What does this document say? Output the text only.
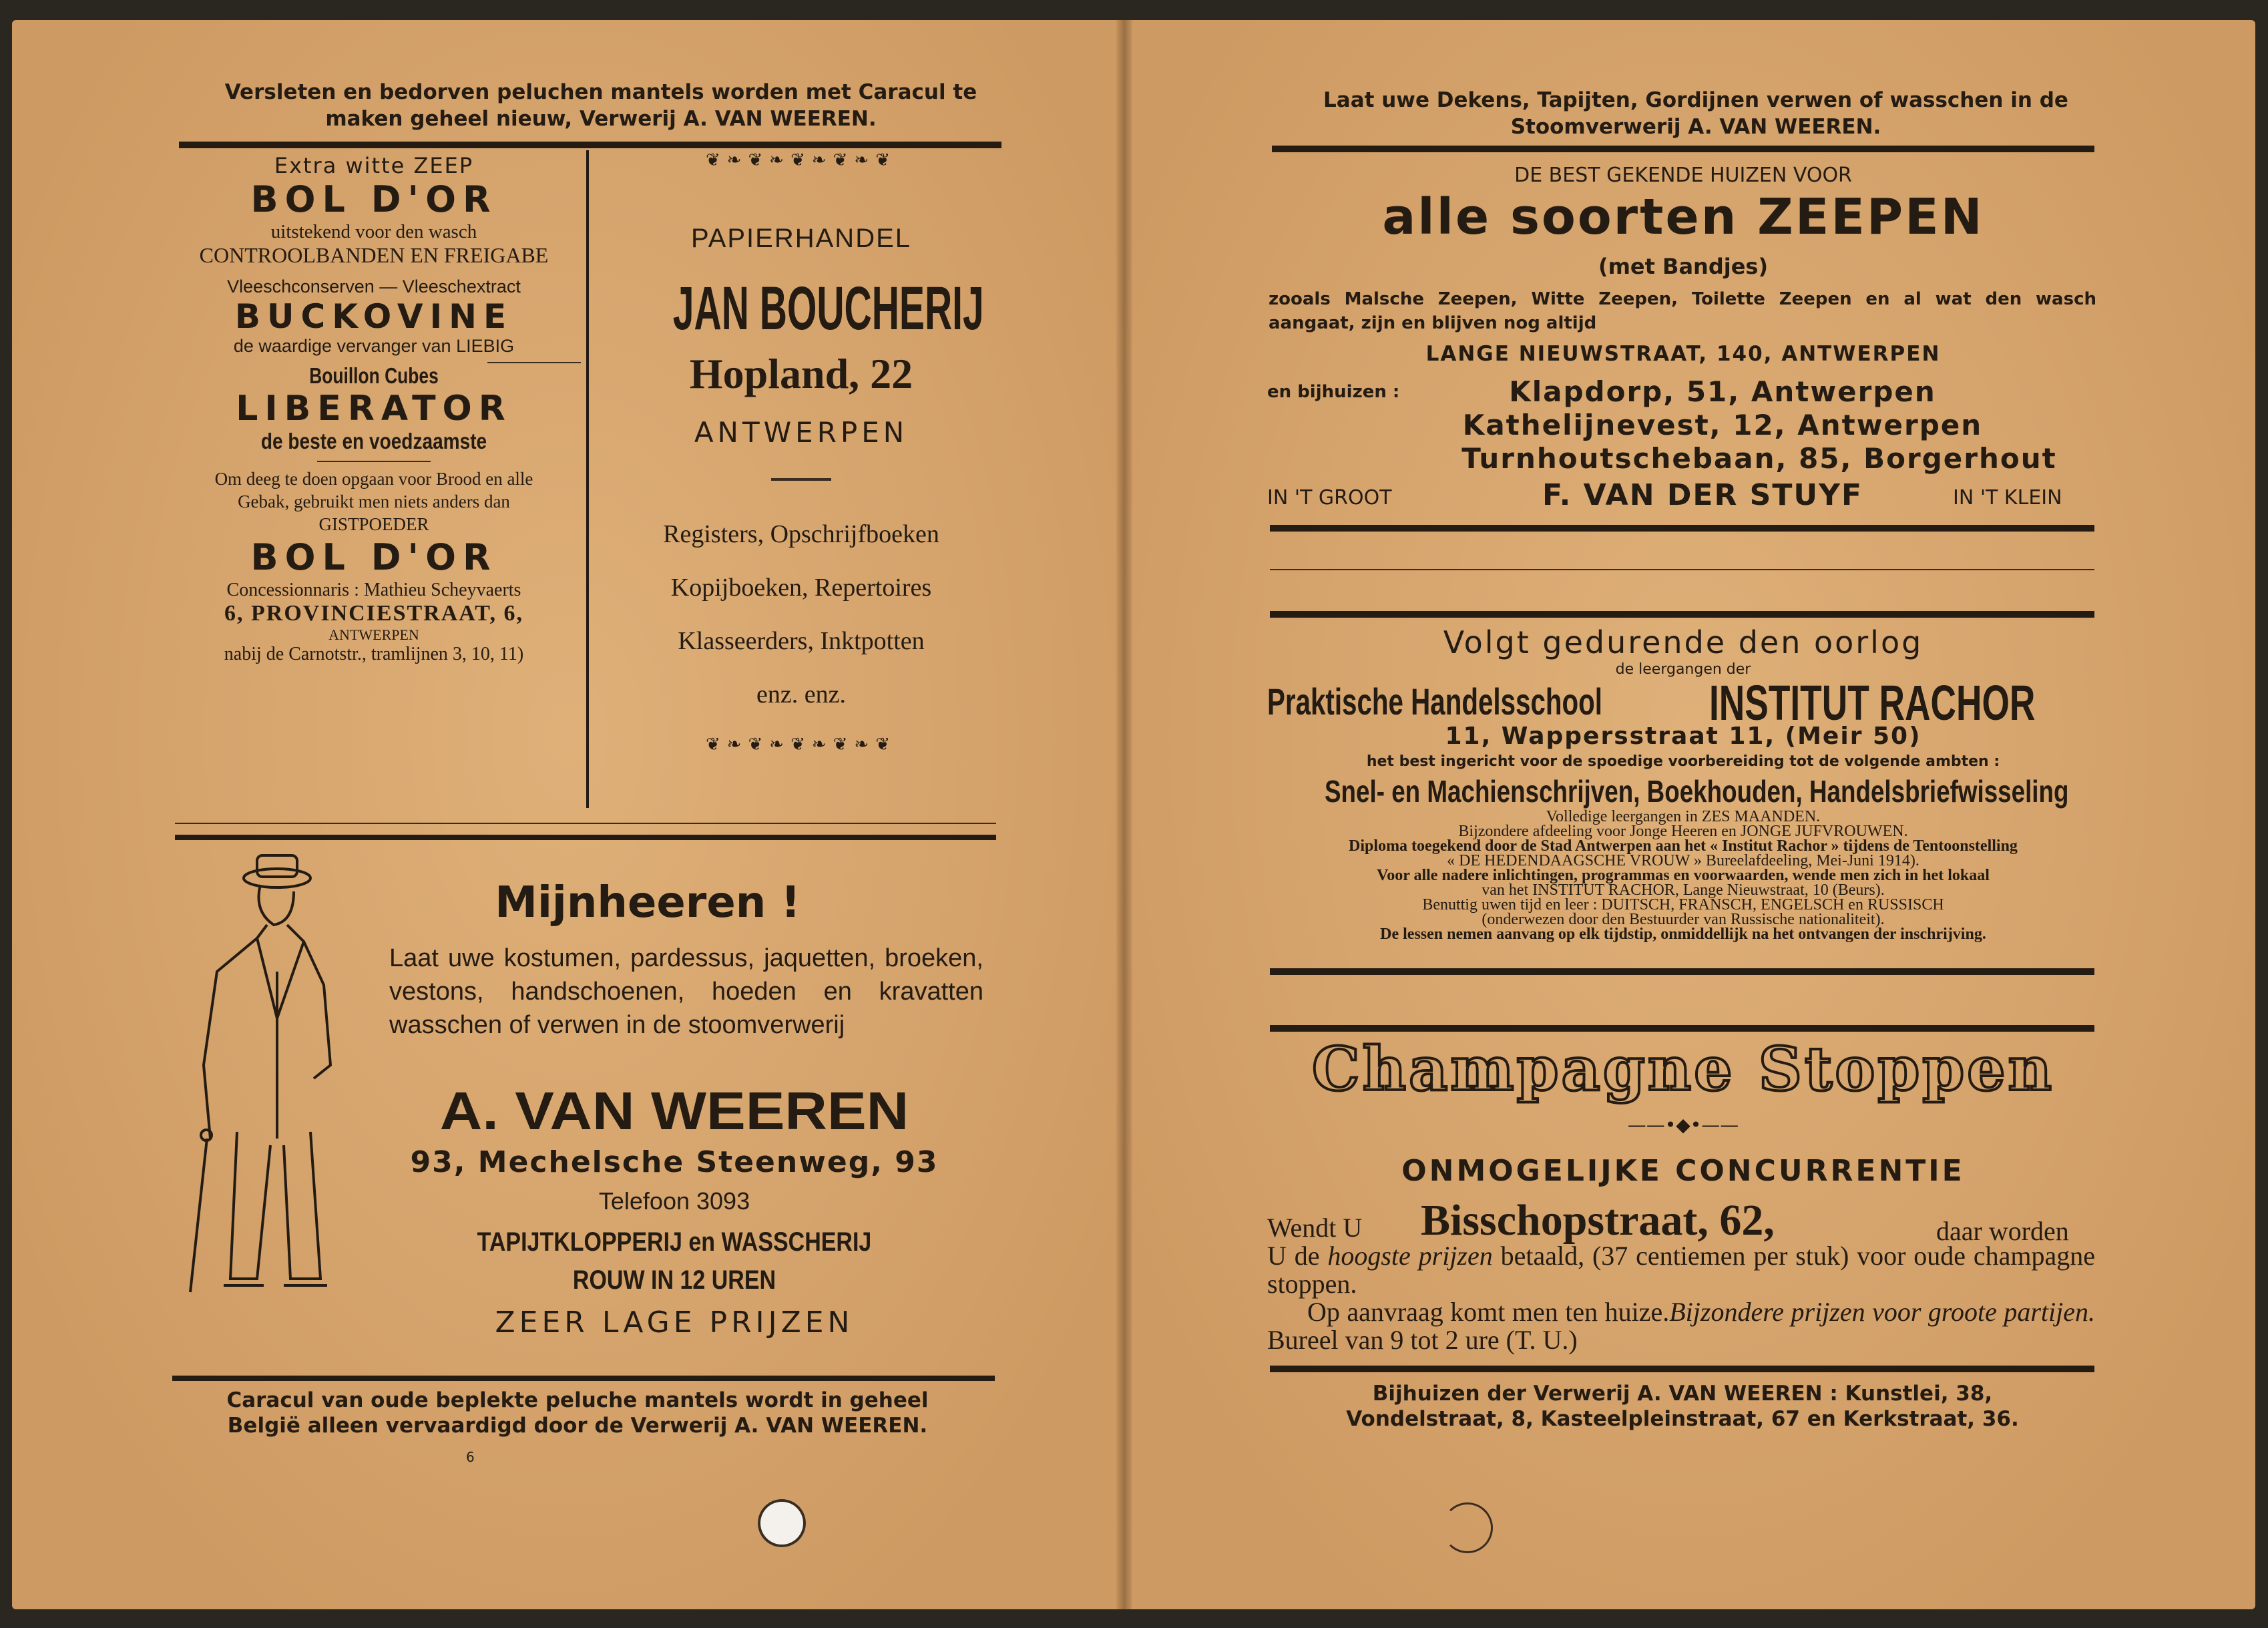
Versleten en bedorven peluchen mantels worden met Caracul te maken geheel nieuw, Verwerij A. VAN WEEREN.
Extra witte ZEEP
BOL D'OR
uitstekend voor den wasch
CONTROOLBANDEN EN FREIGABE
Vleeschconserven — Vleeschextract
BUCKOVINE
de waardige vervanger van LIEBIG
Bouillon Cubes
LIBERATOR
de beste en voedzaamste
Om deeg te doen opgaan voor Brood en alle Gebak, gebruikt men niets anders dan GISTPOEDER
BOL D'OR
Concessionnaris : Mathieu Scheyvaerts
6, PROVINCIESTRAAT, 6,
ANTWERPEN
nabij de Carnotstr., tramlijnen 3, 10, 11)
❦❧❦❧❦❧❦❧❦
PAPIERHANDEL
JAN BOUCHERIJ
Hopland, 22
ANTWERPEN
Registers, Opschrijfboeken
Kopijboeken, Repertoires
Klasseerders, Inktpotten
enz. enz.
❦❧❦❧❦❧❦❧❦
Mijnheeren !
Laat uwe kostumen, pardessus, jaquetten, broeken, vestons, handschoenen, hoeden en kravatten wasschen of verwen in de stoomverwerij
A. VAN WEEREN
93, Mechelsche Steenweg, 93
Telefoon 3093
TAPIJTKLOPPERIJ en WASSCHERIJ
ROUW IN 12 UREN
ZEER LAGE PRIJZEN
Caracul van oude beplekte peluche mantels wordt in geheel België alleen vervaardigd door de Verwerij A. VAN WEEREN.
6
Laat uwe Dekens, Tapijten, Gordijnen verwen of wasschen in de Stoomverwerij A. VAN WEEREN.
DE BEST GEKENDE HUIZEN VOOR
alle soorten ZEEPEN
(met Bandjes)
zooals Malsche Zeepen, Witte Zeepen, Toilette Zeepen en al wat den wasch aangaat, zijn en blijven nog altijd
LANGE NIEUWSTRAAT, 140, ANTWERPEN
en bijhuizen :	Klapdorp, 51, Antwerpen
Kathelijnevest, 12, Antwerpen
Turnhoutschebaan, 85, Borgerhout
IN 'T GROOT	F. VAN DER STUYF	IN 'T KLEIN
Volgt gedurende den oorlog
de leergangen der
Praktische Handelsschool INSTITUT RACHOR
11, Wappersstraat 11, (Meir 50)
het best ingericht voor de spoedige voorbereiding tot de volgende ambten :
Snel- en Machienschrijven, Boekhouden, Handelsbriefwisseling
Volledige leergangen in ZES MAANDEN.
Bijzondere afdeeling voor Jonge Heeren en JONGE JUFVROUWEN.
Diploma toegekend door de Stad Antwerpen aan het « Institut Rachor » tijdens de Tentoonstelling
« DE HEDENDAAGSCHE VROUW » Bureelafdeeling, Mei-Juni 1914).
Voor alle nadere inlichtingen, programmas en voorwaarden, wende men zich in het lokaal
van het INSTITUT RACHOR, Lange Nieuwstraat, 10 (Beurs).
Benuttig uwen tijd en leer : DUITSCH, FRANSCH, ENGELSCH en RUSSISCH
(onderwezen door den Bestuurder van Russische nationaliteit).
De lessen nemen aanvang op elk tijdstip, onmiddellijk na het ontvangen der inschrijving.
Champagne Stoppen
——•◆•——
ONMOGELIJKE CONCURRENTIE
Wendt U Bisschopstraat, 62,	daar worden
U de hoogste prijzen betaald, (37 centiemen per stuk) voor oude champagne stoppen.
Op aanvraag komt men ten huize.Bijzondere prijzen voor groote partijen. Bureel van 9 tot 2 ure (T. U.)
Bijhuizen der Verwerij A. VAN WEEREN : Kunstlei, 38, Vondelstraat, 8, Kasteelpleinstraat, 67 en Kerkstraat, 36.
